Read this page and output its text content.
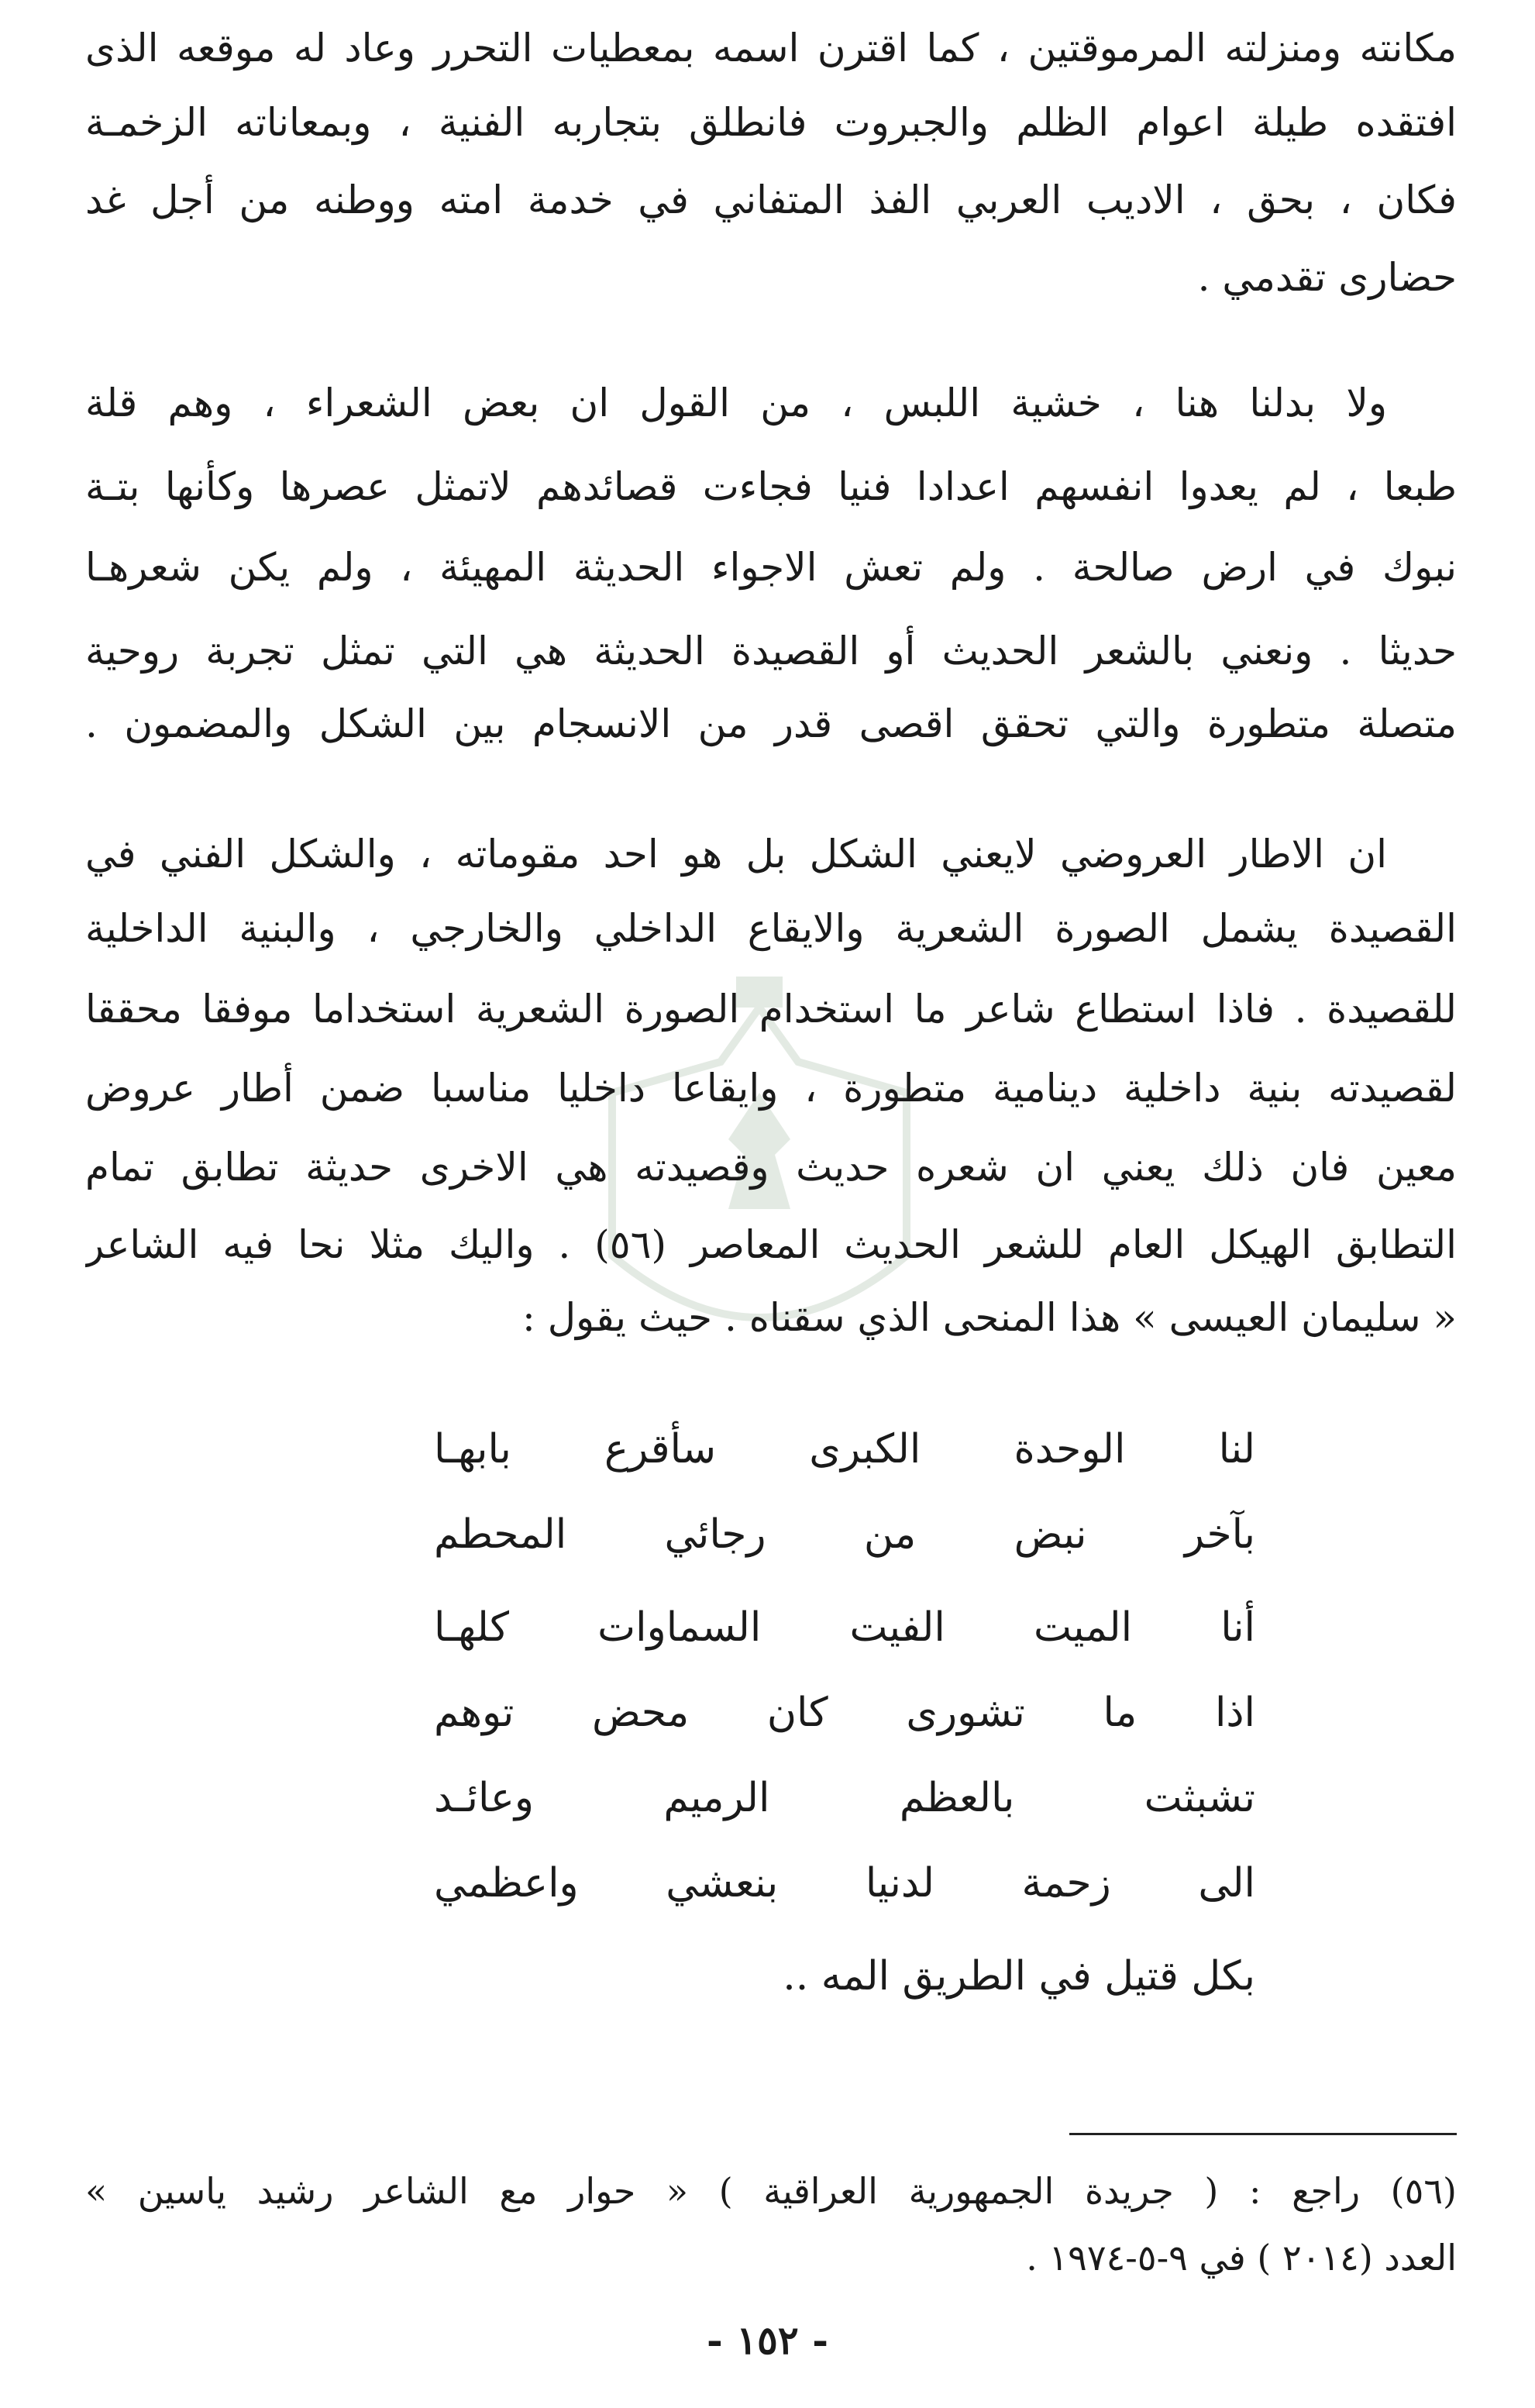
مكانته ومنزلته المرموقتين ، كما اقترن اسمه بمعطيات التحرر وعاد له موقعه الذى
افتقده طيلة اعوام الظلم والجبروت فانطلق بتجاربه الفنية ، وبمعاناته الزخمـة
فكان ، بحق ، الاديب العربي الفذ المتفاني في خدمة امته ووطنه من أجل غد
حضارى تقدمي .
ولا بدلنا هنا ، خشية اللبس ، من القول ان بعض الشعراء ، وهم قلة
طبعا ، لم يعدوا انفسهم اعدادا فنيا فجاءت قصائدهم لاتمثل عصرها وكأنها بتـة
نبوك في ارض صالحة . ولم تعش الاجواء الحديثة المهيئة ، ولم يكن شعرهـا
حديثا . ونعني بالشعر الحديث أو القصيدة الحديثة هي التي تمثل تجربة روحية
متصلة متطورة والتي تحقق اقصى قدر من الانسجام بين الشكل والمضمون .
ان الاطار العروضي لايعني الشكل بل هو احد مقوماته ، والشكل الفني في
القصيدة يشمل الصورة الشعرية والايقاع الداخلي والخارجي ، والبنية الداخلية
للقصيدة . فاذا استطاع شاعر ما استخدام الصورة الشعرية استخداما موفقا محققا
لقصيدته بنية داخلية دينامية متطورة ، وايقاعا داخليا مناسبا ضمن أطار عروض
معين فان ذلك يعني ان شعره حديث وقصيدته هي الاخرى حديثة تطابق تمام
التطابق الهيكل العام للشعر الحديث المعاصر (٥٦) . واليك مثلا نحا فيه الشاعر
« سليمان العيسى » هذا المنحى الذي سقناه . حيث يقول :
لنا الوحدة الكبرى سأقرع بابهـا
بآخر نبض من رجائي المحطم
أنا الميت الفيت السماوات كلهـا
اذا ما تشورى كان محض توهم
تشبثت بالعظم الرميم وعائـد
الى زحمة لدنيا بنعشي واعظمي
بكل قتيل في الطريق المه ..
(٥٦) راجع : ( جريدة الجمهورية العراقية ) « حوار مع الشاعر رشيد ياسين »
العدد (٢٠١٤ ) في ٩-٥-١٩٧٤ .
- ١٥٢ -
